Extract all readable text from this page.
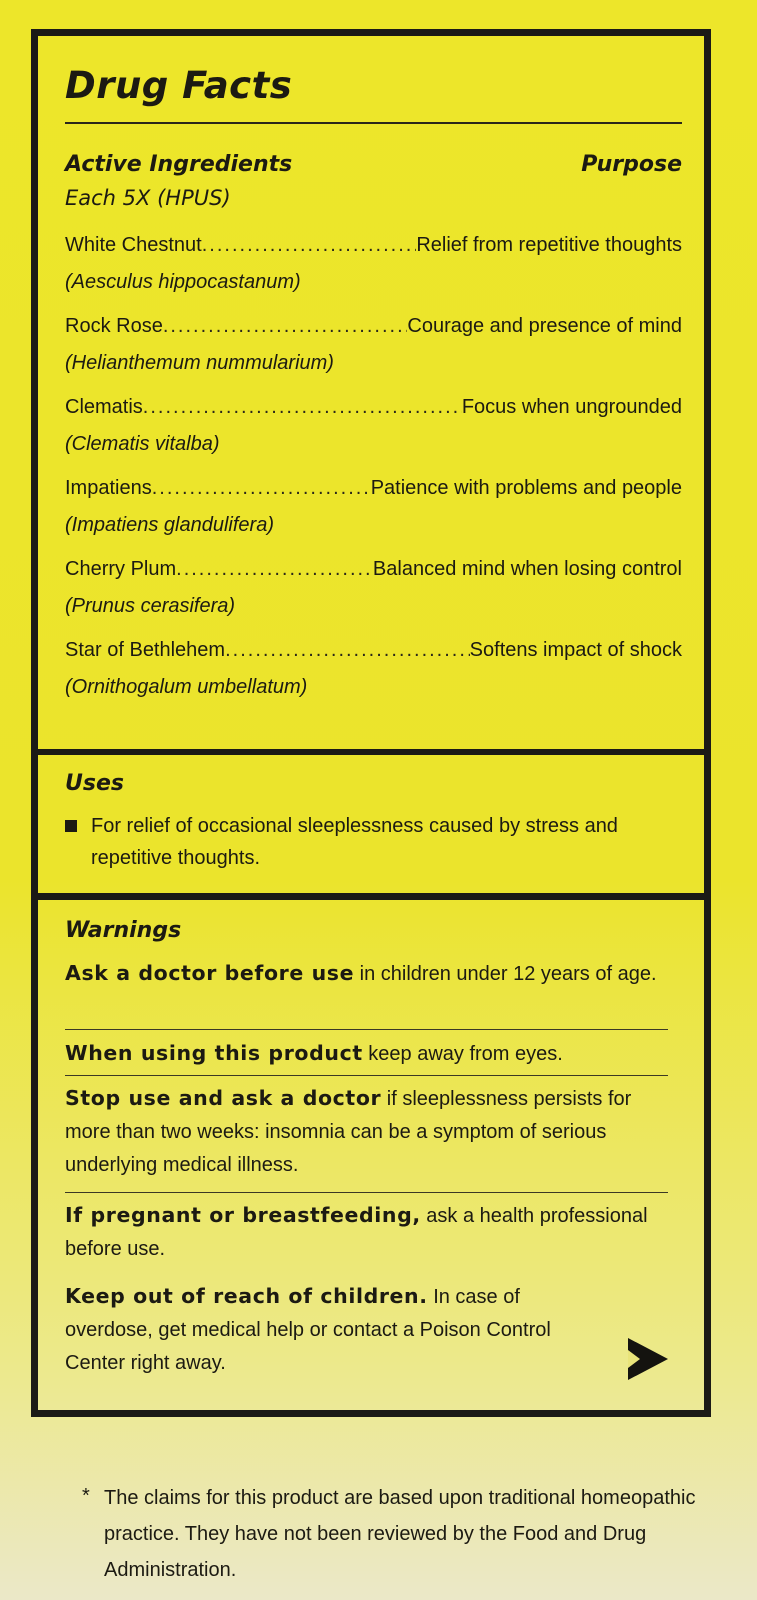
Drug Facts
Active Ingredients	Purpose
Each 5X (HPUS)
White Chestnut .....	Relief from repetitive thoughts
(Aesculus hippocastanum)
Rock Rose .....	Courage and presence of mind
(Helianthemum nummularium)
Clematis .....	Focus when ungrounded
(Clematis vitalba)
Impatiens .....	Patience with problems and people
(Impatiens glandulifera)
Cherry Plum .....	Balanced mind when losing control
(Prunus cerasifera)
Star of Bethlehem .....	Softens impact of shock
(Ornithogalum umbellatum)
Uses
For relief of occasional sleeplessness caused by stress and repetitive thoughts.
Warnings
Ask a doctor before use in children under 12 years of age.
When using this product keep away from eyes.
Stop use and ask a doctor if sleeplessness persists for more than two weeks: insomnia can be a symptom of serious underlying medical illness.
If pregnant or breastfeeding, ask a health professional before use.
Keep out of reach of children. In case of overdose, get medical help or contact a Poison Control Center right away.
* The claims for this product are based upon traditional homeopathic practice. They have not been reviewed by the Food and Drug Administration.
